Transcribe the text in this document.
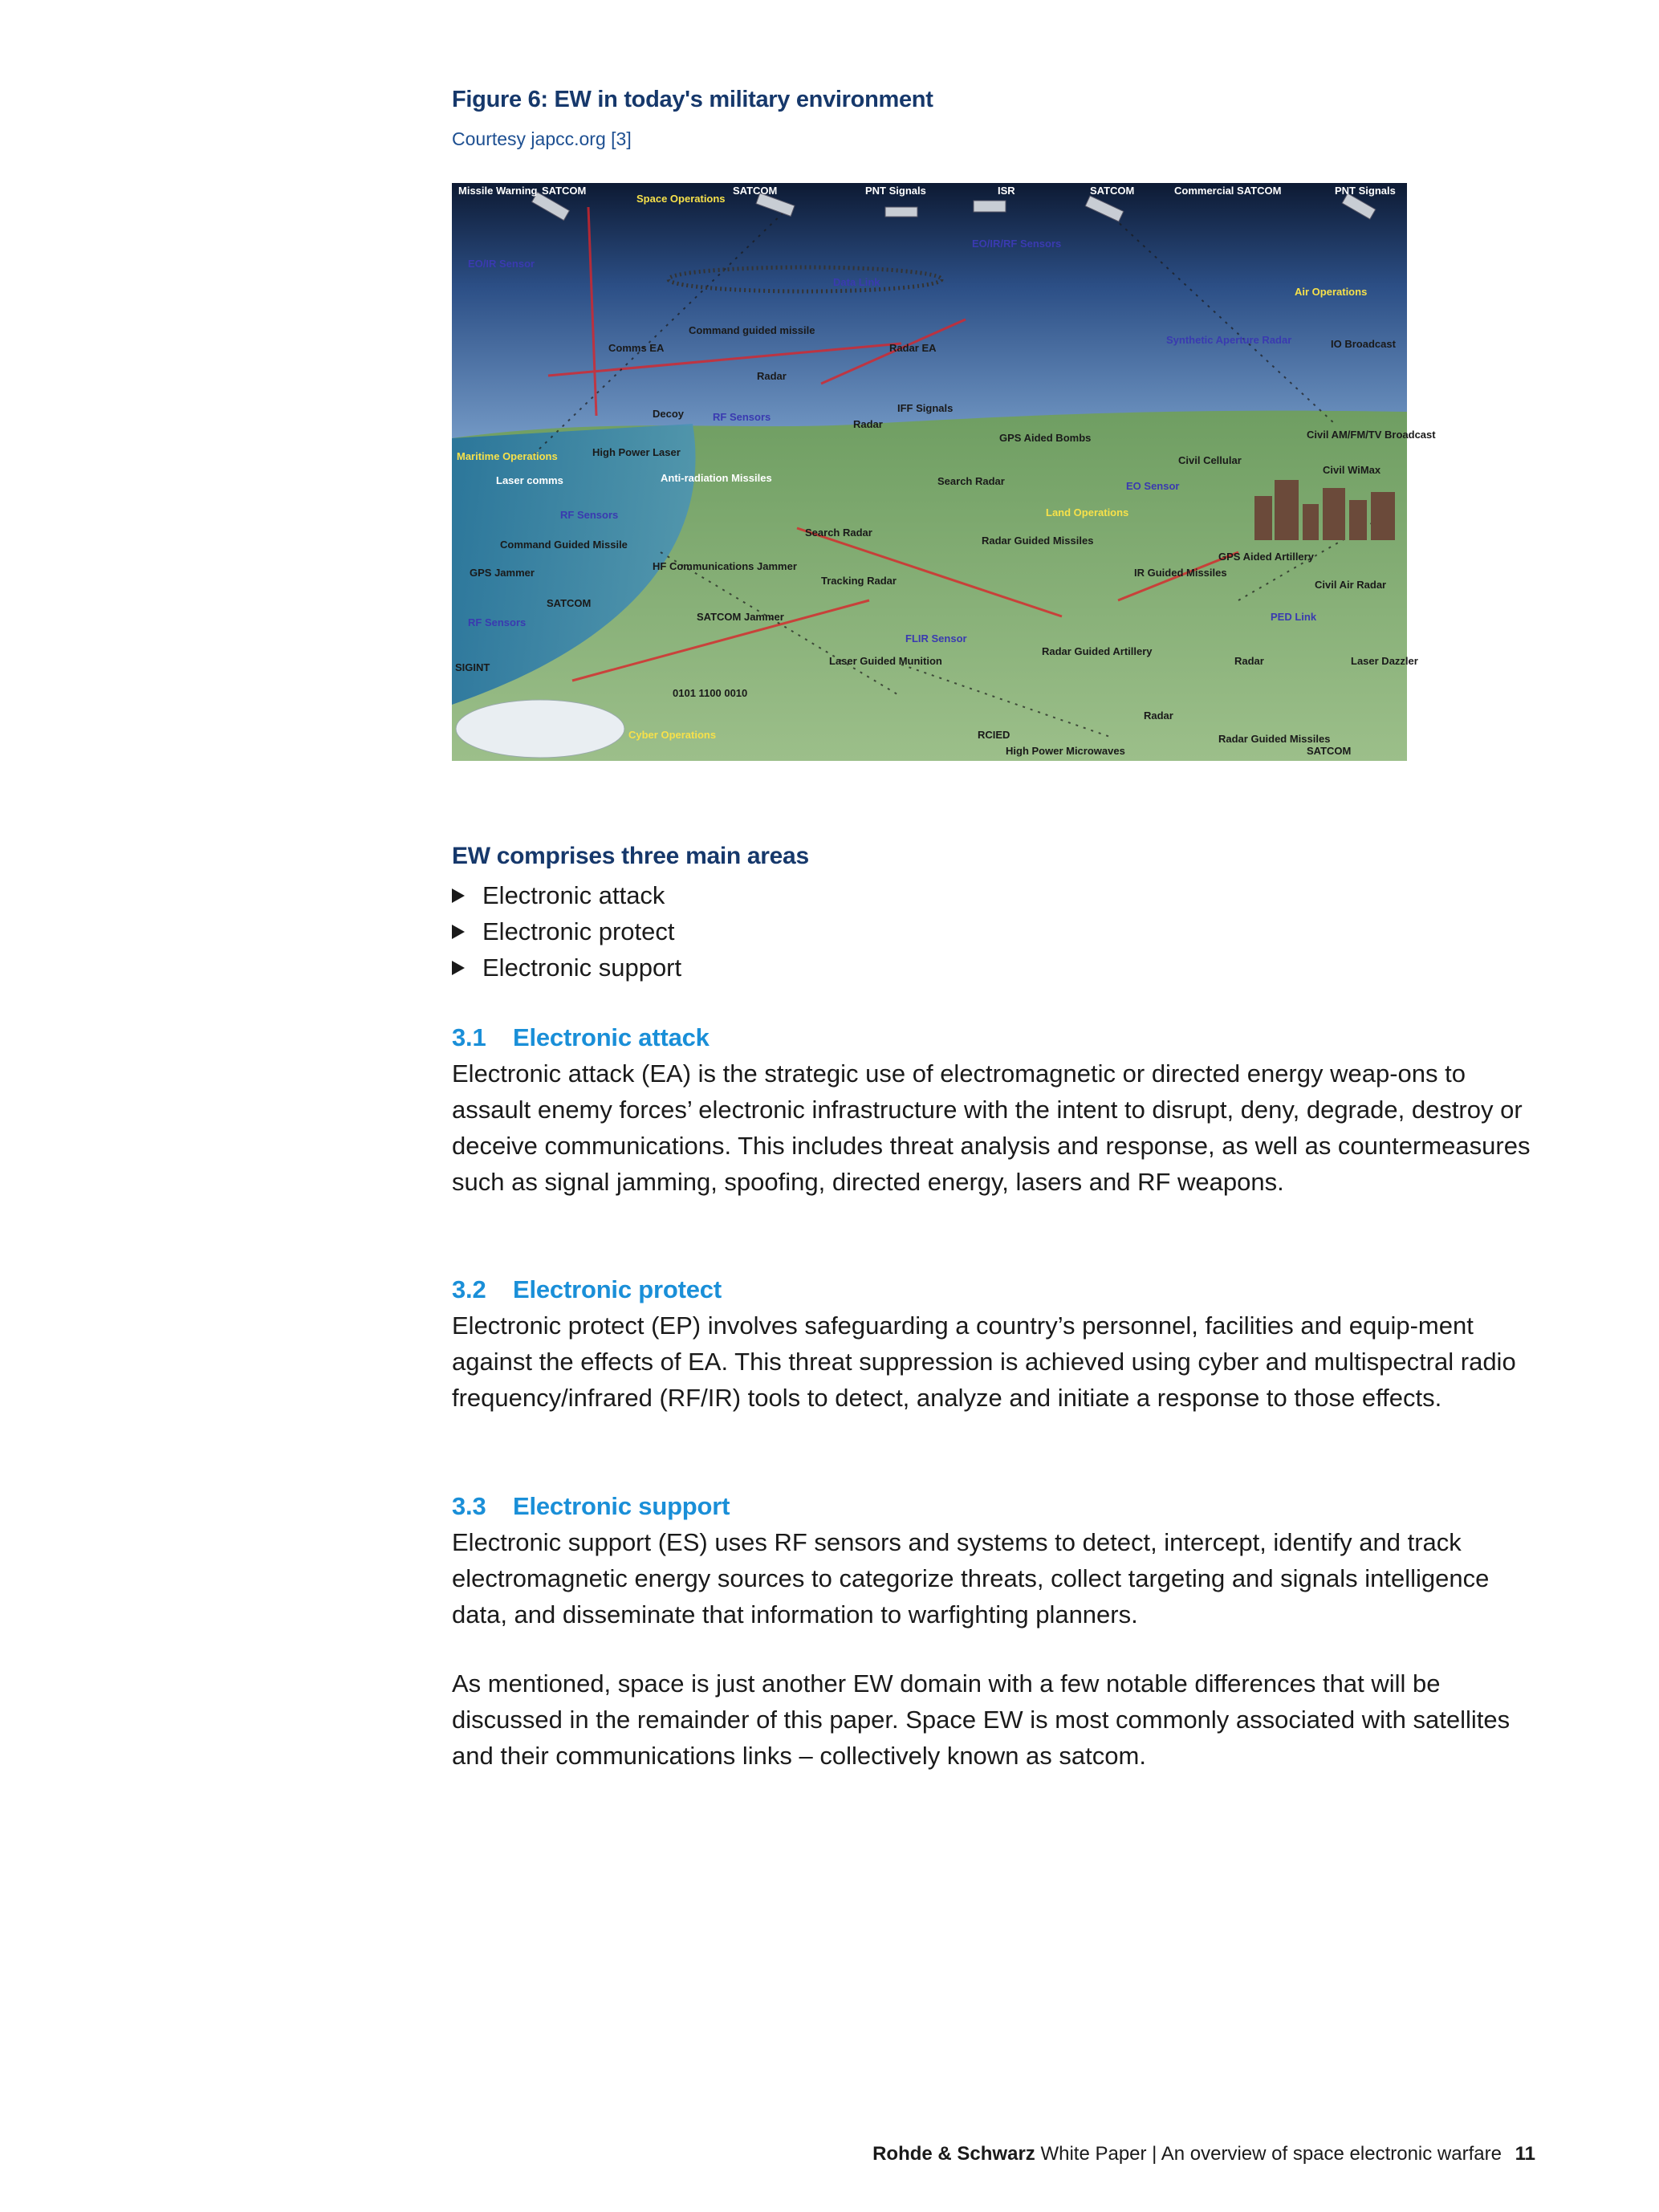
Figure 6: EW in today's military environment
Courtesy japcc.org [3]
Missile Warning SATCOM
Space Operations
SATCOM	PNT Signals	ISR	SATCOM	Commercial SATCOM	PNT Signals
EO/IR Sensor
EO/IR/RF Sensors
Data Link
Air Operations
Comms EA
Command guided missile
Radar EA
Synthetic Aperture Radar	IO Broadcast
Radar
Decoy	RF Sensors
IFF Signals
Radar
GPS Aided Bombs	Civil AM/FM/TV Broadcast
Civil Cellular
Civil WiMax
Maritime Operations	High Power Laser
Laser comms	Anti-radiation Missiles
Search Radar
EO Sensor
RF Sensors
Search Radar
Land Operations
Command Guided Missile	Radar Guided Missiles
GPS Aided Artillery
GPS Jammer
HF Communications Jammer
Tracking Radar
IR Guided Missiles
Civil Air Radar
SATCOM
SATCOM Jammer
RF Sensors
FLIR Sensor
PED Link
SIGINT
Laser Guided Munition
Radar Guided Artillery
Radar	Laser Dazzler
0101 1100 0010
Radar
Cyber Operations	RCIED
High Power Microwaves
Radar Guided Missiles
SATCOM
EW comprises three main areas
Electronic attack
Electronic protect
Electronic support
3.1 Electronic attack

Electronic attack (EA) is the strategic use of electromagnetic or directed energy weap-ons to assault enemy forces’ electronic infrastructure with the intent to disrupt, deny, degrade, destroy or deceive communications. This includes threat analysis and response, as well as countermeasures such as signal jamming, spoofing, directed energy, lasers and RF weapons.

3.2 Electronic protect

Electronic protect (EP) involves safeguarding a country’s personnel, facilities and equip-ment against the effects of EA. This threat suppression is achieved using cyber and multispectral radio frequency/infrared (RF/IR) tools to detect, analyze and initiate a response to those effects.

3.3 Electronic support

Electronic support (ES) uses RF sensors and systems to detect, intercept, identify and track electromagnetic energy sources to categorize threats, collect targeting and signals intelligence data, and disseminate that information to warfighting planners.

As mentioned, space is just another EW domain with a few notable differences that will be discussed in the remainder of this paper. Space EW is most commonly associated with satellites and their communications links – collectively known as satcom.

Rohde & Schwarz White Paper | An overview of space electronic warfare 11
